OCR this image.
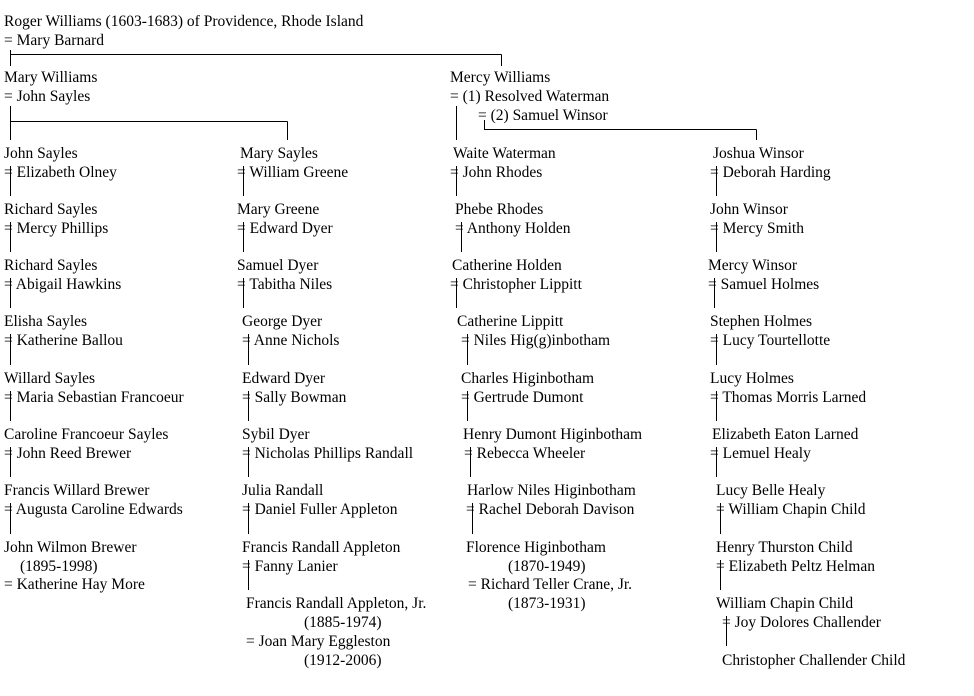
Roger Williams (1603-1683) of Providence, Rhode Island
= Mary Barnard
Mary Williams
= John Sayles
Mercy Williams
= (1) Resolved Waterman
= (2) Samuel Winsor
John Sayles
= Elizabeth Olney
Richard Sayles
= Mercy Phillips
Richard Sayles
= Abigail Hawkins
Elisha Sayles
= Katherine Ballou
Willard Sayles
= Maria Sebastian Francoeur
Caroline Francoeur Sayles
= John Reed Brewer
Francis Willard Brewer
= Augusta Caroline Edwards
John Wilmon Brewer
(1895-1998)
= Katherine Hay More
Mary Sayles
= William Greene
Mary Greene
= Edward Dyer
Samuel Dyer
= Tabitha Niles
George Dyer
= Anne Nichols
Edward Dyer
= Sally Bowman
Sybil Dyer
= Nicholas Phillips Randall
Julia Randall
= Daniel Fuller Appleton
Francis Randall Appleton
= Fanny Lanier
Francis Randall Appleton, Jr.
(1885-1974)
= Joan Mary Eggleston
(1912-2006)
Waite Waterman
= John Rhodes
Phebe Rhodes
= Anthony Holden
Catherine Holden
= Christopher Lippitt
Catherine Lippitt
= Niles Hig(g)inbotham
Charles Higinbotham
= Gertrude Dumont
Henry Dumont Higinbotham
= Rebecca Wheeler
Harlow Niles Higinbotham
= Rachel Deborah Davison
Florence Higinbotham
(1870-1949)
= Richard Teller Crane, Jr.
(1873-1931)
Joshua Winsor
= Deborah Harding
John Winsor
= Mercy Smith
Mercy Winsor
= Samuel Holmes
Stephen Holmes
= Lucy Tourtellotte
Lucy Holmes
= Thomas Morris Larned
Elizabeth Eaton Larned
= Lemuel Healy
Lucy Belle Healy
= William Chapin Child
Henry Thurston Child
= Elizabeth Peltz Helman
William Chapin Child
= Joy Dolores Challender
Christopher Challender Child
